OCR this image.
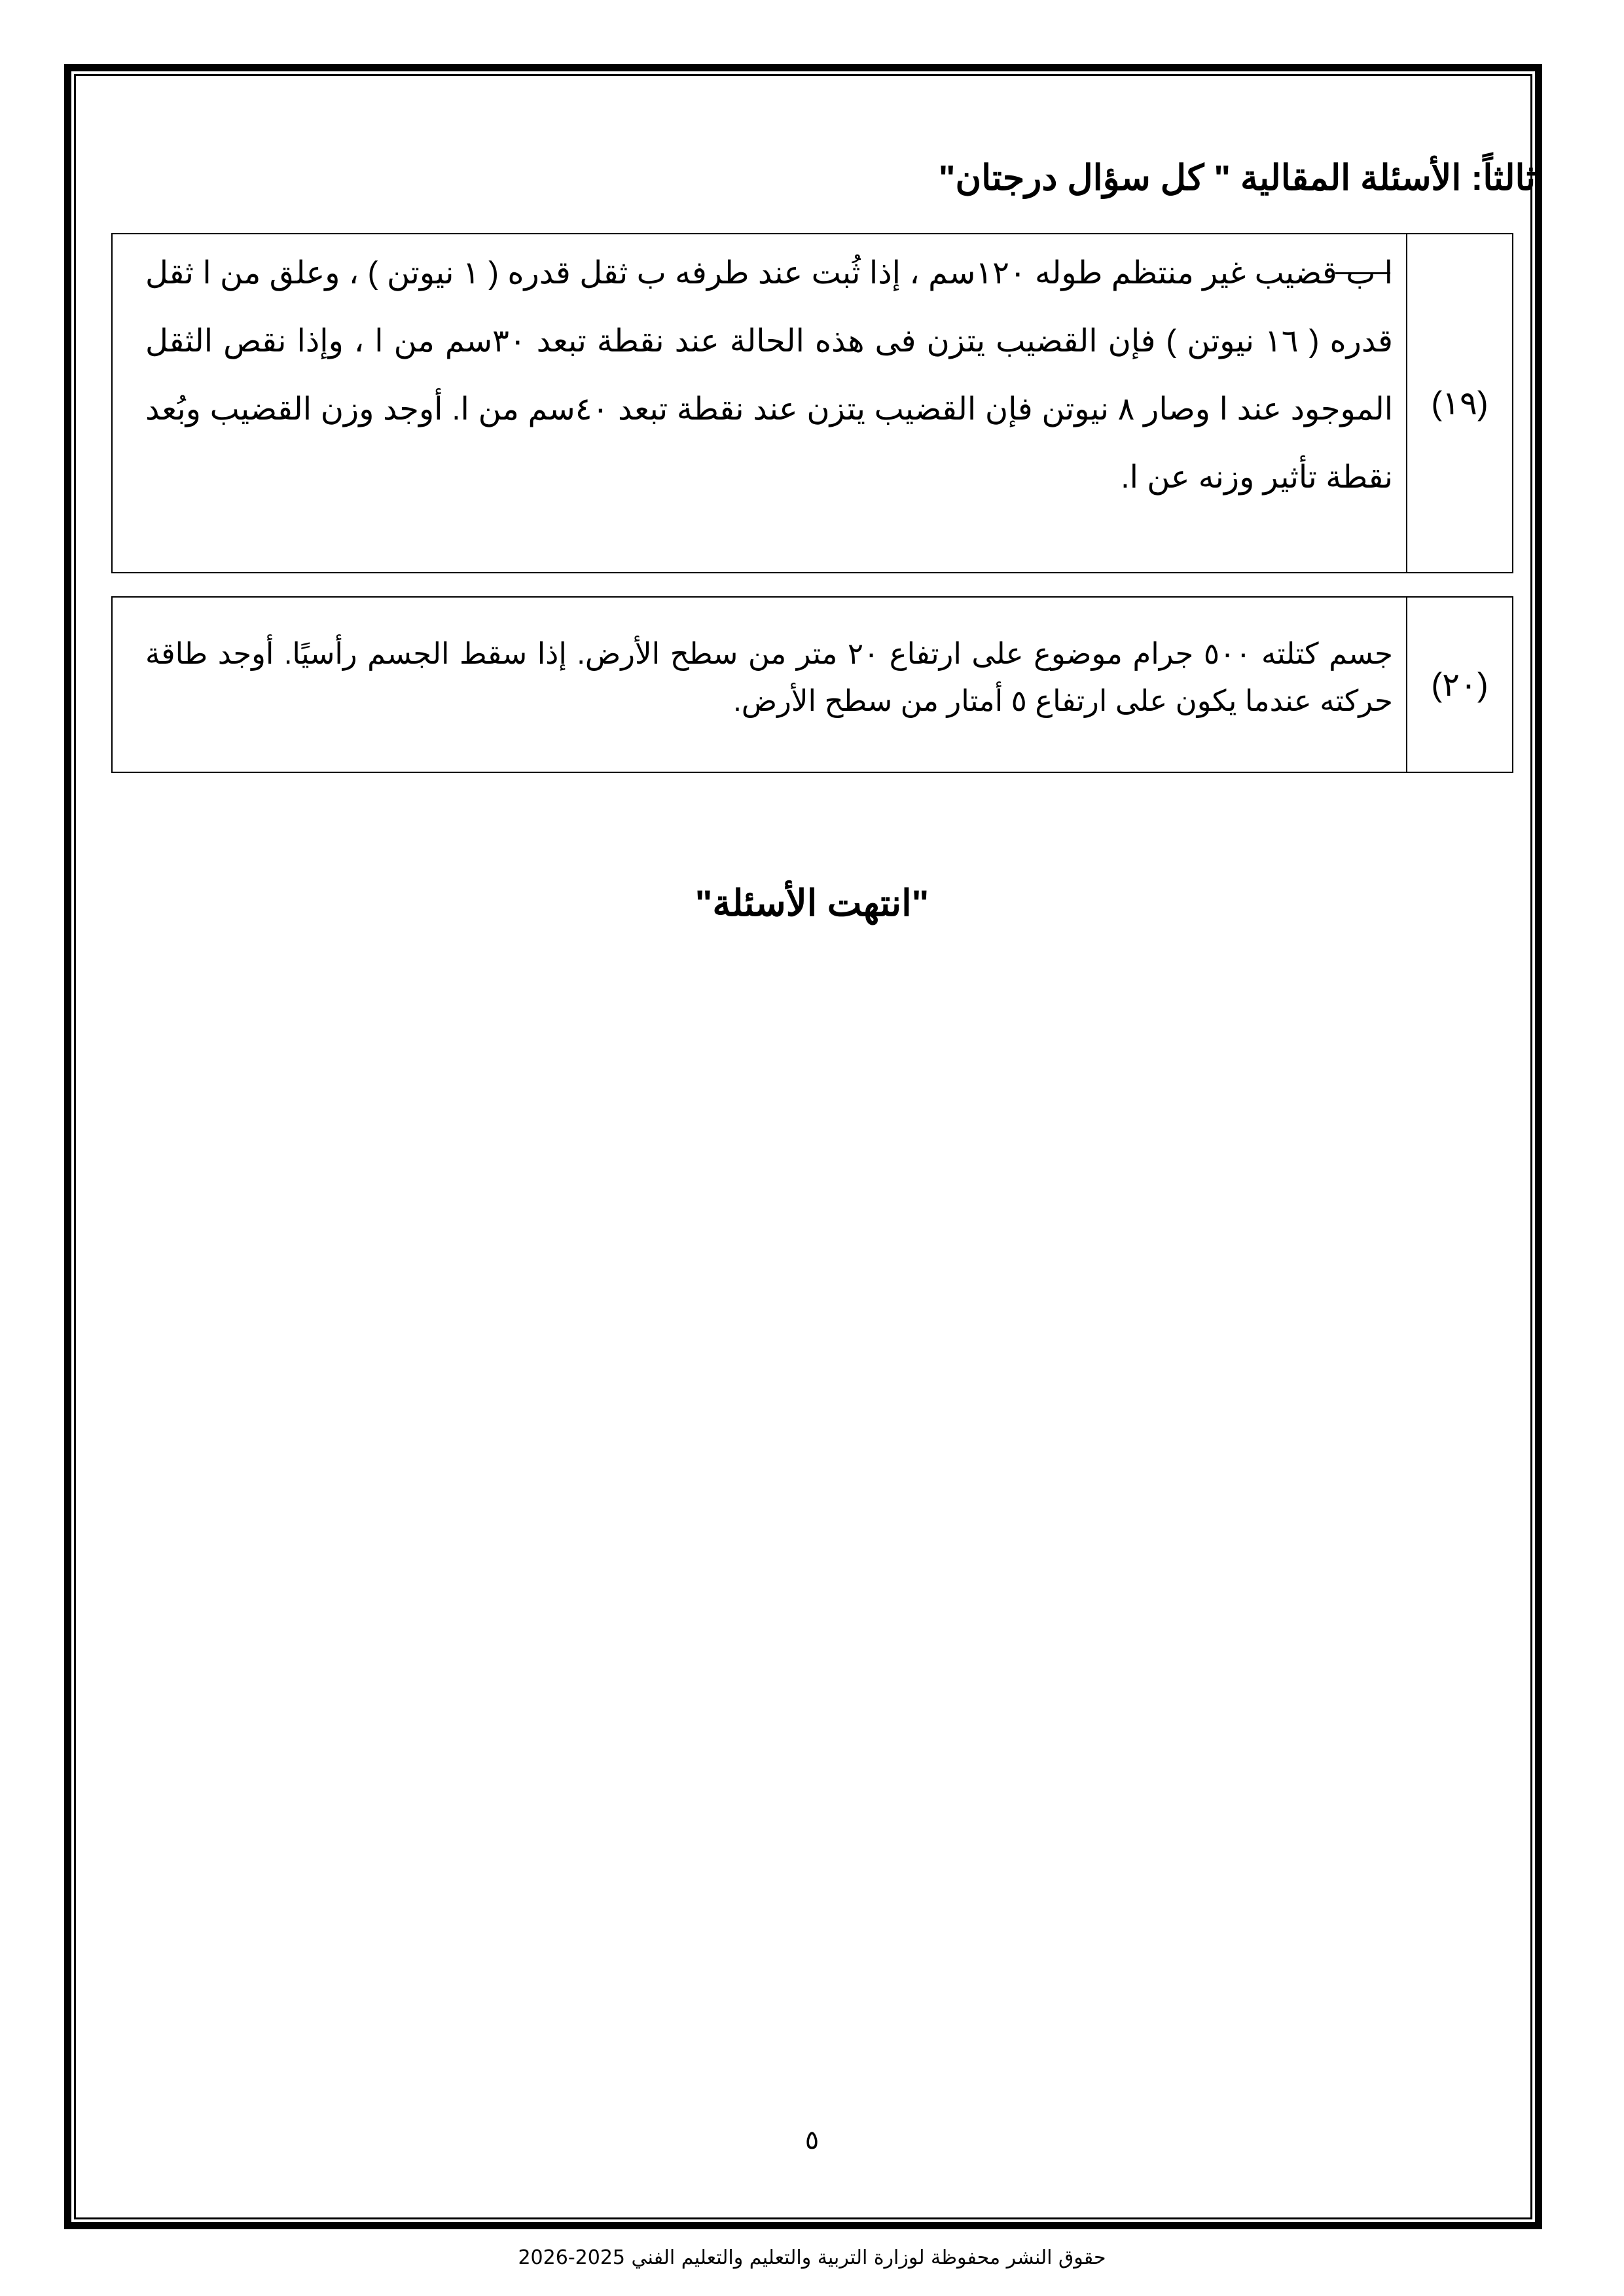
ثالثاً: الأسئلة المقالية " كل سؤال درجتان"
(١٩)
ا ب قضيب غير منتظم طوله ١٢٠سم ، إذا ثُبت عند طرفه ب ثقل قدره ( ١ نيوتن ) ، وعلق من ا ثقل قدره ( ١٦ نيوتن ) فإن القضيب يتزن فى هذه الحالة عند نقطة تبعد ٣٠سم من ا ، وإذا نقص الثقل الموجود عند ا وصار ٨ نيوتن فإن القضيب يتزن عند نقطة تبعد ٤٠سم من ا. أوجد وزن القضيب وبُعد نقطة تأثير وزنه عن ا.
(٢٠)
جسم كتلته ٥٠٠ جرام موضوع على ارتفاع ٢٠ متر من سطح الأرض. إذا سقط الجسم رأسيًا. أوجد طاقة حركته عندما يكون على ارتفاع ٥ أمتار من سطح الأرض.
"انتهت الأسئلة"
٥
حقوق النشر محفوظة لوزارة التربية والتعليم والتعليم الفني 2025-2026
